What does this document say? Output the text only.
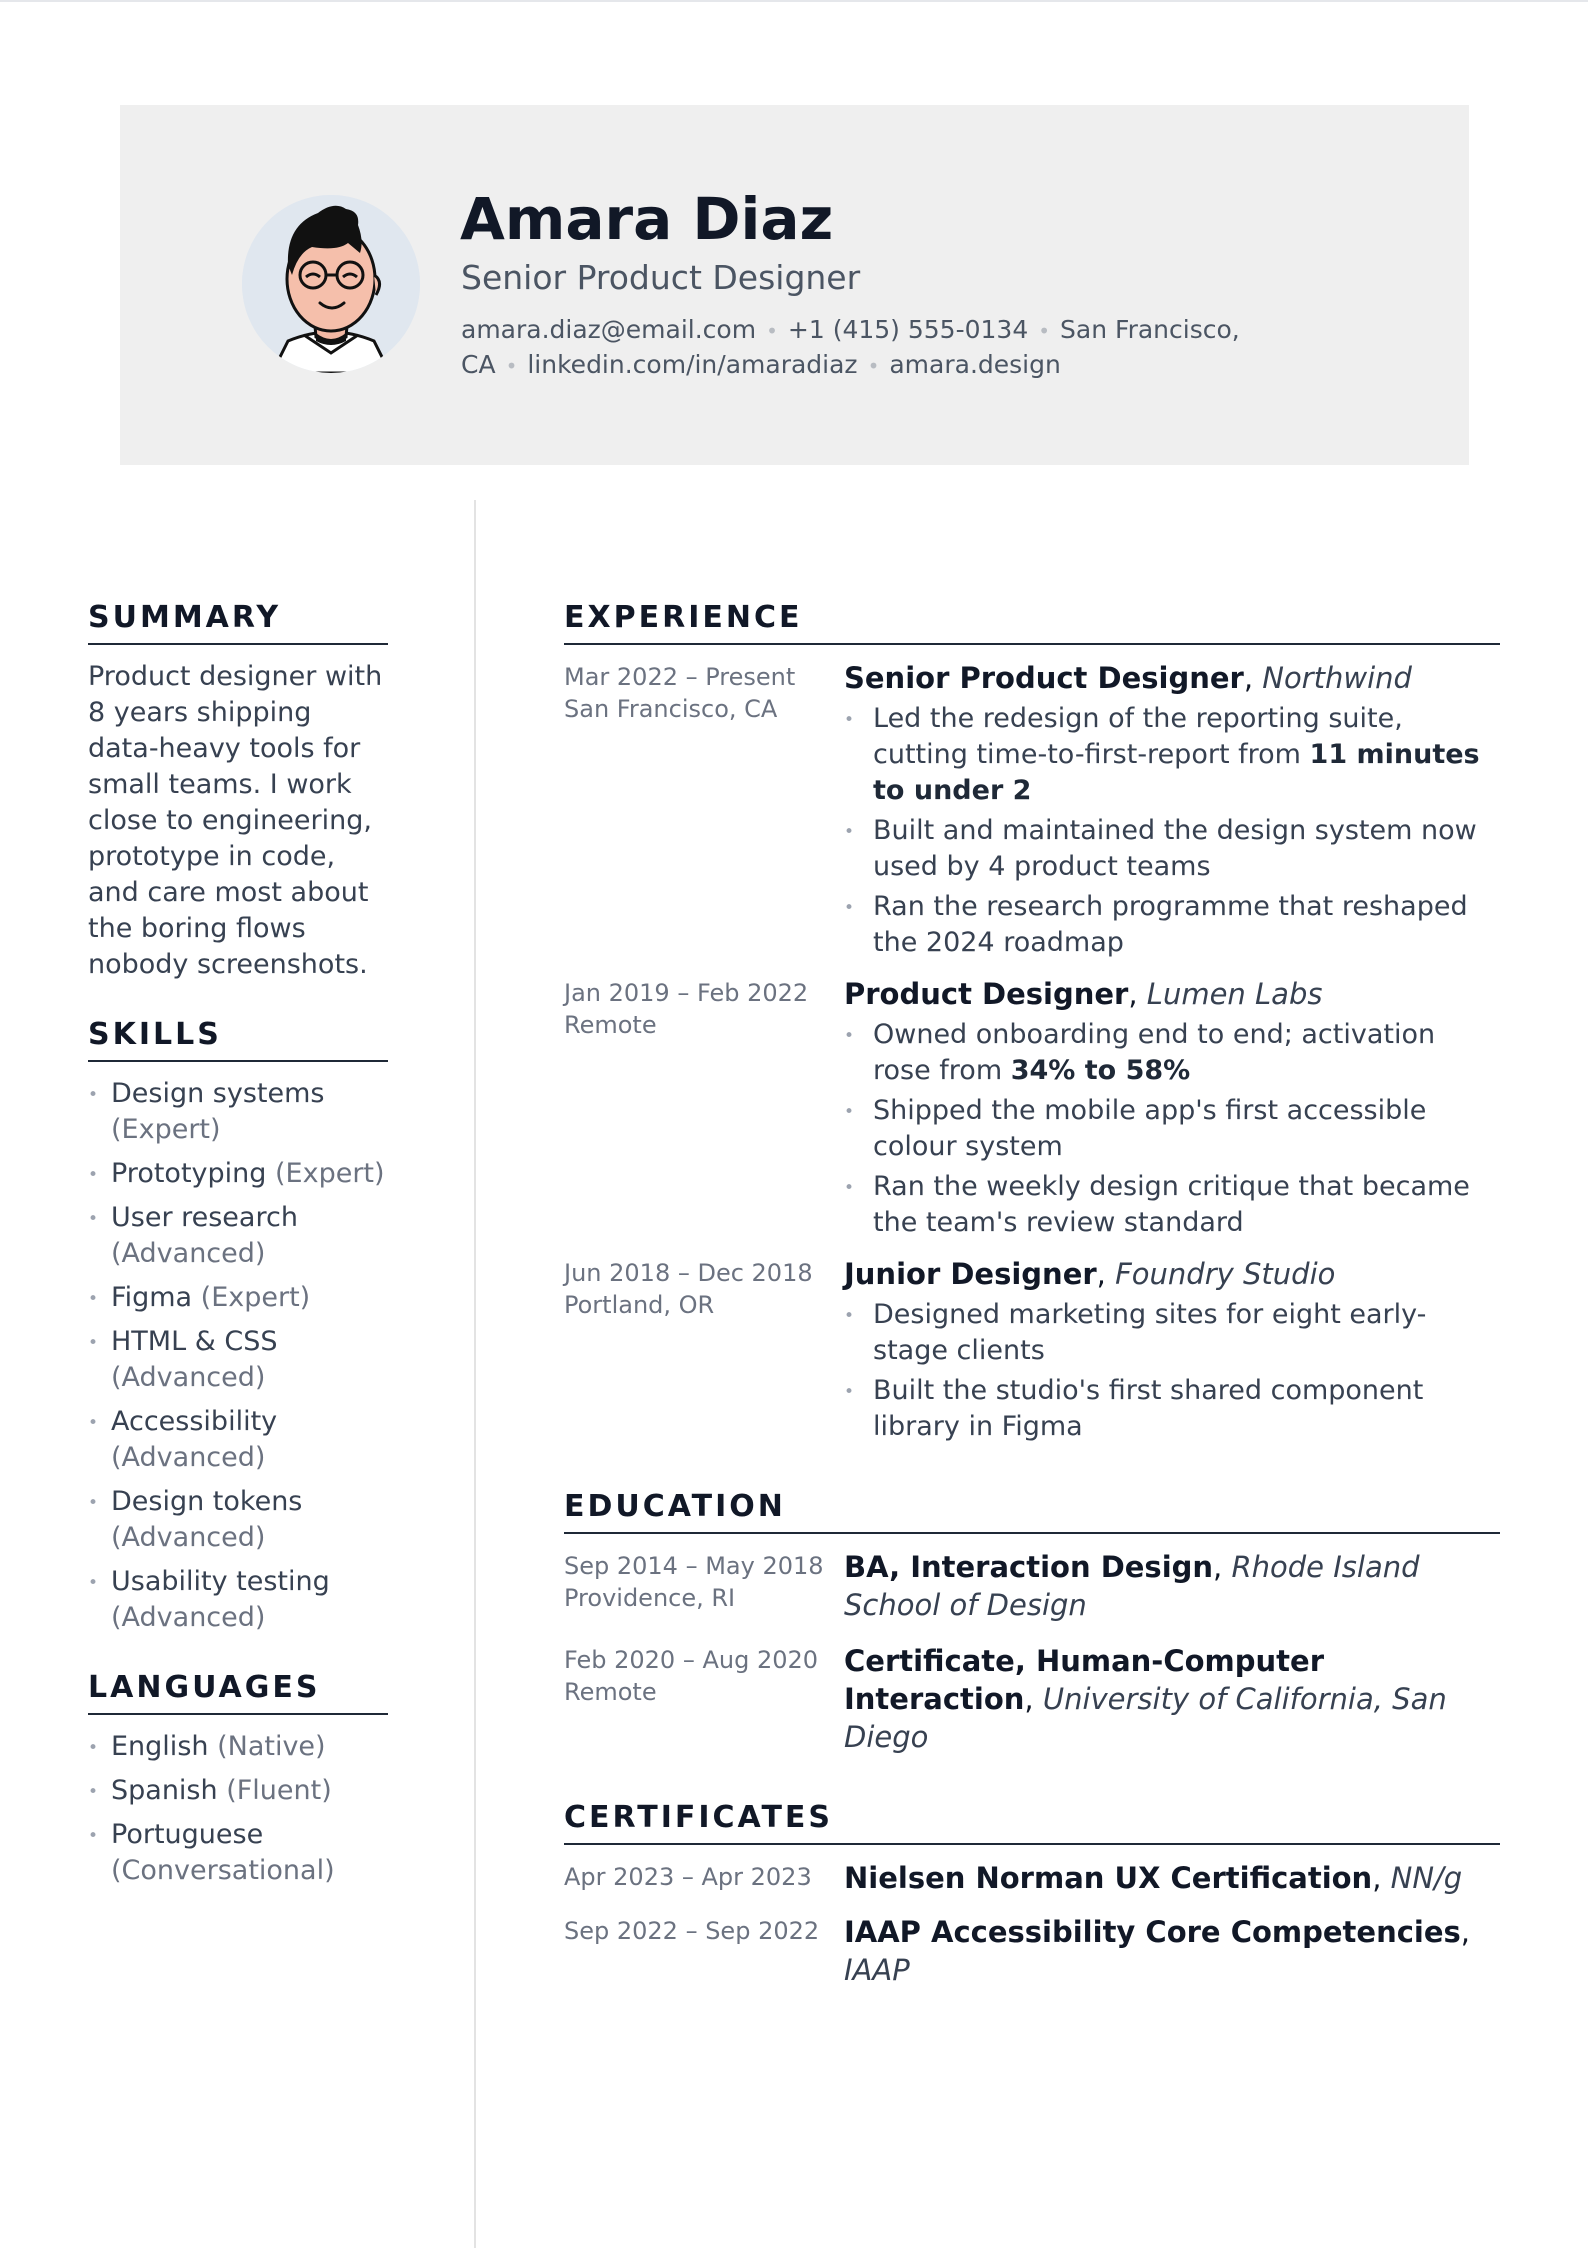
Amara Diaz
Senior Product Designer
amara.diaz@email.com • +1 (415) 555-0134 • San Francisco,
CA • linkedin.com/in/amaradiaz • amara.design
SUMMARY
Product designer with 8 years shipping data-heavy tools for small teams. I work close to engineering, prototype in code, and care most about the boring flows nobody screenshots.
SKILLS
• Design systems (Expert)
• Prototyping (Expert)
• User research (Advanced)
• Figma (Expert)
• HTML & CSS (Advanced)
• Accessibility (Advanced)
• Design tokens (Advanced)
• Usability testing (Advanced)
LANGUAGES
• English (Native)
• Spanish (Fluent)
• Portuguese (Conversational)
EXPERIENCE
Mar 2022 – Present
San Francisco, CA
Senior Product Designer, Northwind
• Led the redesign of the reporting suite, cutting time-to-first-report from 11 minutes to under 2
• Built and maintained the design system now used by 4 product teams
• Ran the research programme that reshaped the 2024 roadmap
Jan 2019 – Feb 2022
Remote
Product Designer, Lumen Labs
• Owned onboarding end to end; activation rose from 34% to 58%
• Shipped the mobile app's first accessible colour system
• Ran the weekly design critique that became the team's review standard
Jun 2018 – Dec 2018
Portland, OR
Junior Designer, Foundry Studio
• Designed marketing sites for eight early-stage clients
• Built the studio's first shared component library in Figma
EDUCATION
Sep 2014 – May 2018
Providence, RI
BA, Interaction Design, Rhode Island School of Design
Feb 2020 – Aug 2020
Remote
Certificate, Human-Computer Interaction, University of California, San Diego
CERTIFICATES
Apr 2023 – Apr 2023	Nielsen Norman UX Certification, NN/g
Sep 2022 – Sep 2022 IAAP Accessibility Core Competencies, IAAP
